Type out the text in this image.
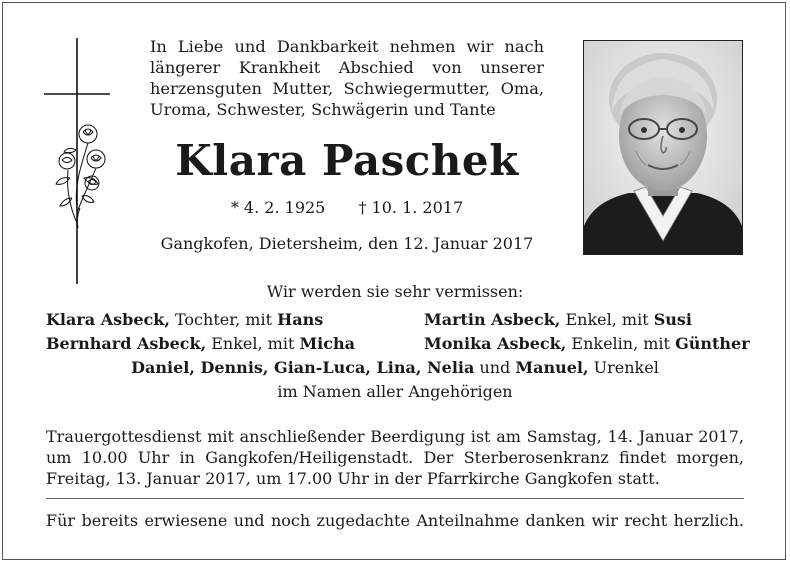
In Liebe und Dankbarkeit nehmen wir nach
längerer Krankheit Abschied von unserer
herzensguten Mutter, Schwiegermutter, Oma,
Uroma, Schwester, Schwägerin und Tante
Klara Paschek
* 4. 2. 1925 † 10. 1. 2017
Gangkofen, Dietersheim, den 12. Januar 2017
Wir werden sie sehr vermissen:
Klara Asbeck, Tochter, mit Hans	Martin Asbeck, Enkel, mit Susi
Bernhard Asbeck, Enkel, mit Micha	Monika Asbeck, Enkelin, mit Günther
Daniel, Dennis, Gian-Luca, Lina, Nelia und Manuel, Urenkel
im Namen aller Angehörigen
Trauergottesdienst mit anschließender Beerdigung ist am Samstag, 14. Januar 2017,
um 10.00 Uhr in Gangkofen/Heiligenstadt. Der Sterberosenkranz findet morgen,
Freitag, 13. Januar 2017, um 17.00 Uhr in der Pfarrkirche Gangkofen statt.
Für bereits erwiesene und noch zugedachte Anteilnahme danken wir recht herzlich.
